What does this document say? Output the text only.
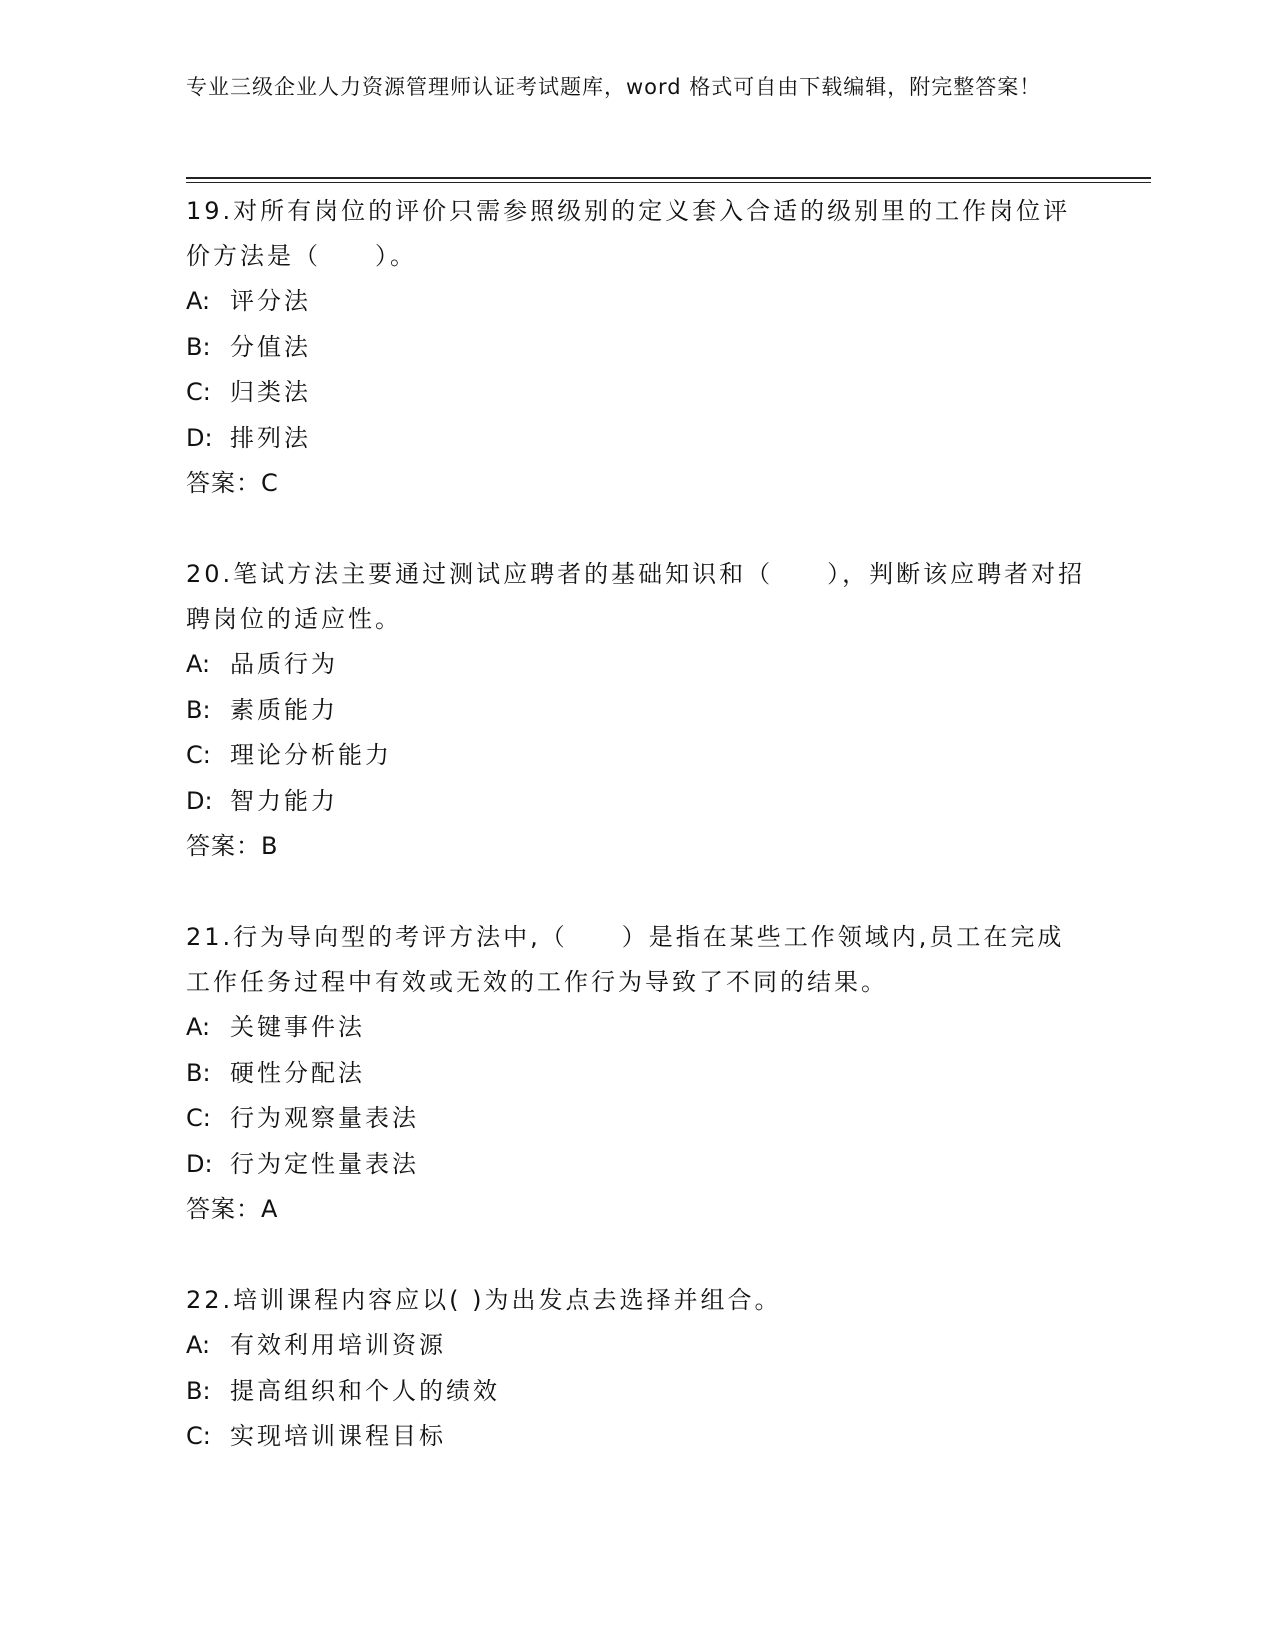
专业三级企业人力资源管理师认证考试题库，word 格式可自由下载编辑，附完整答案！

19.对所有岗位的评价只需参照级别的定义套入合适的级别里的工作岗位评价方法是（　　）。

A: 评分法

B: 分值法

C: 归类法

D: 排列法

答案：C

20.笔试方法主要通过测试应聘者的基础知识和（　　），判断该应聘者对招聘岗位的适应性。

A: 品质行为

B: 素质能力

C: 理论分析能力

D: 智力能力

答案：B

21.行为导向型的考评方法中,（　　）是指在某些工作领域内,员工在完成工作任务过程中有效或无效的工作行为导致了不同的结果。

A: 关键事件法

B: 硬性分配法

C: 行为观察量表法

D: 行为定性量表法

答案：A

22.培训课程内容应以( )为出发点去选择并组合。

A: 有效利用培训资源

B: 提高组织和个人的绩效

C: 实现培训课程目标
